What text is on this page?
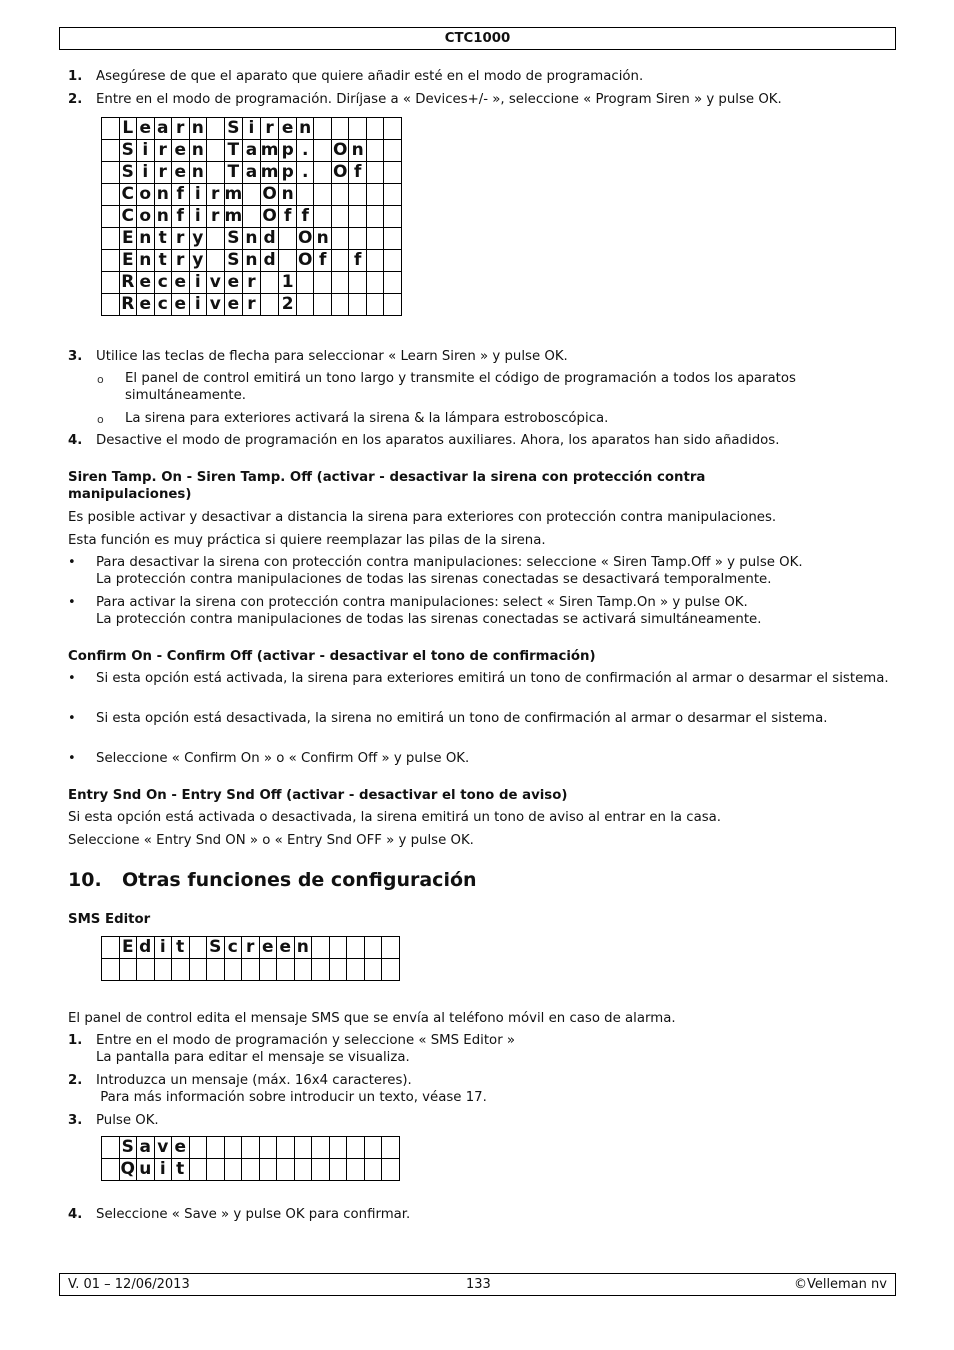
CTC1000
1. Asegúrese de que el aparato que quiere añadir esté en el modo de programación.
2. Entre en el modo de programación. Diríjase a « Devices+/- », seleccione « Program Siren » y pulse OK.
	L	e	a	r	n		S	i	r	e	n					
	S	i	r	e	n		T	a	m	p	.		O	n		
	S	i	r	e	n		T	a	m	p	.		O	f		
	C	o	n	f	i	r	m		O	n						
	C	o	n	f	i	r	m		O	f	f					
	E	n	t	r	y		S	n	d		O	n				
	E	n	t	r	y		S	n	d		O	f		f		
	R	e	c	e	i	v	e	r		1						
	R	e	c	e	i	v	e	r		2						
3. Utilice las teclas de flecha para seleccionar « Learn Siren » y pulse OK.
o El panel de control emitirá un tono largo y transmite el código de programación a todos los aparatos simultáneamente.
o La sirena para exteriores activará la sirena & la lámpara estroboscópica.
4. Desactive el modo de programación en los aparatos auxiliares. Ahora, los aparatos han sido añadidos.
Siren Tamp. On - Siren Tamp. Off (activar - desactivar la sirena con protección contra manipulaciones)
Es posible activar y desactivar a distancia la sirena para exteriores con protección contra manipulaciones.
Esta función es muy práctica si quiere reemplazar las pilas de la sirena.
• Para desactivar la sirena con protección contra manipulaciones: seleccione « Siren Tamp.Off » y pulse OK.
La protección contra manipulaciones de todas las sirenas conectadas se desactivará temporalmente.
• Para activar la sirena con protección contra manipulaciones: select « Siren Tamp.On » y pulse OK.
La protección contra manipulaciones de todas las sirenas conectadas se activará simultáneamente.
Confirm On - Confirm Off (activar - desactivar el tono de confirmación)
• Si esta opción está activada, la sirena para exteriores emitirá un tono de confirmación al armar o desarmar el sistema.
• Si esta opción está desactivada, la sirena no emitirá un tono de confirmación al armar o desarmar el sistema.
• Seleccione « Confirm On » o « Confirm Off » y pulse OK.
Entry Snd On - Entry Snd Off (activar - desactivar el tono de aviso)
Si esta opción está activada o desactivada, la sirena emitirá un tono de aviso al entrar en la casa.
Seleccione « Entry Snd ON » o « Entry Snd OFF » y pulse OK.
10. Otras funciones de configuración
SMS Editor
	E	d	i	t		S	c	r	e	e	n					

El panel de control edita el mensaje SMS que se envía al teléfono móvil en caso de alarma.
1. Entre en el modo de programación y seleccione « SMS Editor »
La pantalla para editar el mensaje se visualiza.
2. Introduzca un mensaje (máx. 16x4 caracteres).
Para más información sobre introducir un texto, véase 17.
3. Pulse OK.
	S	a	v	e												
	Q	u	i	t												
4. Seleccione « Save » y pulse OK para confirmar.
V. 01 – 12/06/2013	133	©Velleman nv
